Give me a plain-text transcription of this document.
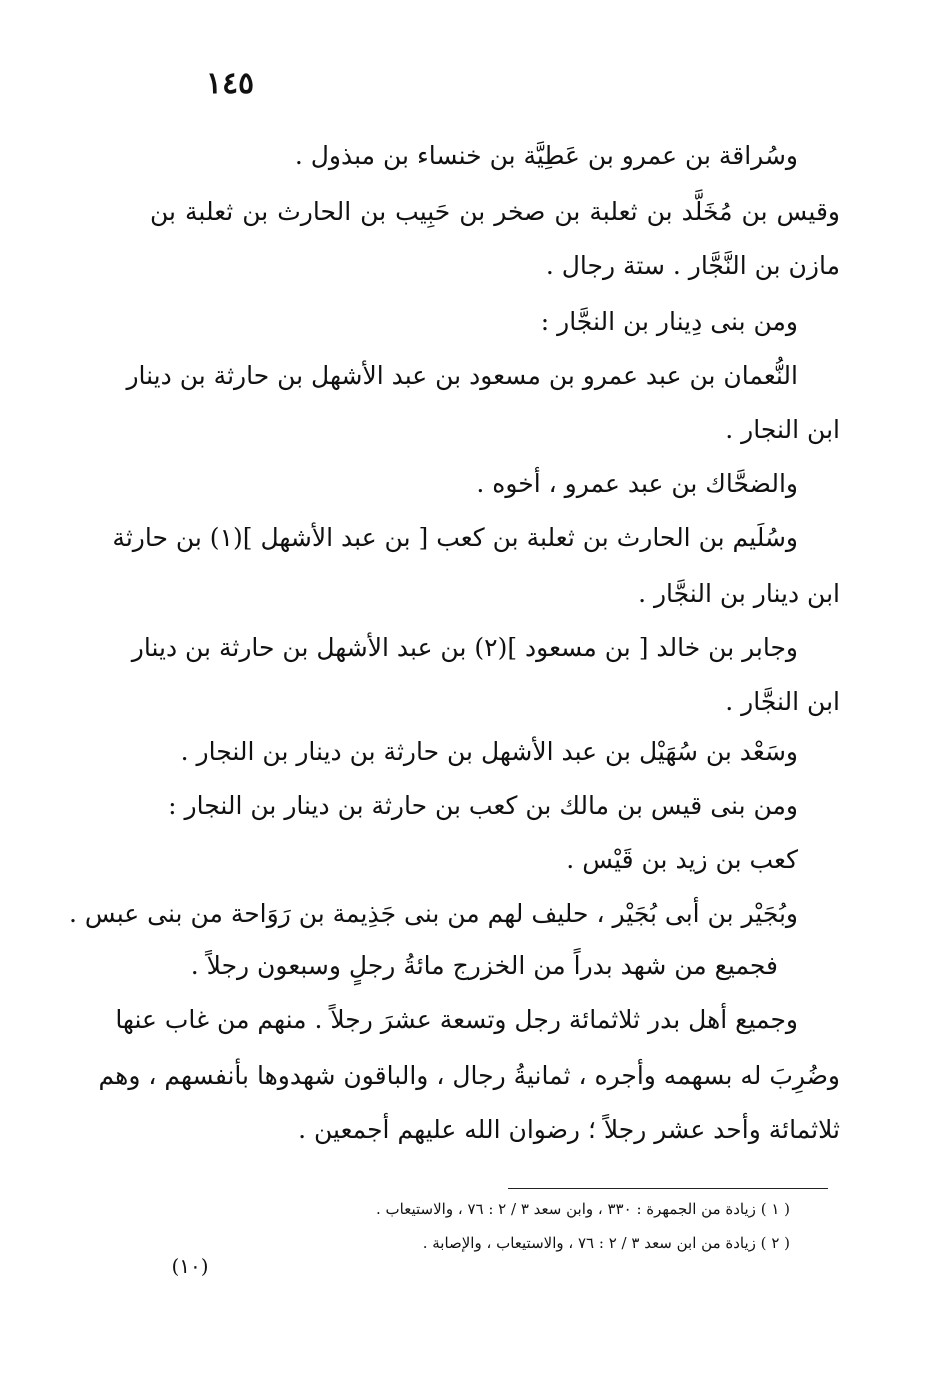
١٤٥
وسُراقة بن عمرو بن عَطِيَّة بن خنساء بن مبذول .
وقيس بن مُخَلَّد بن ثعلبة بن صخر بن حَبِيب بن الحارث بن ثعلبة بن
مازن بن النَّجَّار . ستة رجال .
ومن بنى دِينار بن النجَّار :
النُّعمان بن عبد عمرو بن مسعود بن عبد الأشهل بن حارثة بن دينار
ابن النجار .
والضحَّاك بن عبد عمرو ، أخوه .
وسُلَيم بن الحارث بن ثعلبة بن كعب [ بن عبد الأشهل ](١) بن حارثة
ابن دينار بن النجَّار .
وجابر بن خالد [ بن مسعود ](٢) بن عبد الأشهل بن حارثة بن دينار
ابن النجَّار .
وسَعْد بن سُهَيْل بن عبد الأشهل بن حارثة بن دينار بن النجار .
ومن بنى قيس بن مالك بن كعب بن حارثة بن دينار بن النجار :
كعب بن زيد بن قَيْس .
وبُجَيْر بن أبى بُجَيْر ، حليف لهم من بنى جَذِيمة بن رَوَاحة من بنى عبس .
فجميع من شهد بدراً من الخزرج مائةُ رجلٍ وسبعون رجلاً .
وجميع أهل بدر ثلاثمائة رجل وتسعة عشرَ رجلاً . منهم من غاب عنها
وضُرِبَ له بسهمه وأجره ، ثمانيةُ رجال ، والباقون شهدوها بأنفسهم ، وهم
ثلاثمائة وأحد عشر رجلاً ؛ رضوان الله عليهم أجمعين .
( ١ ) زيادة من الجمهرة : ٣٣٠ ، وابن سعد ٣ / ٢ : ٧٦ ، والاستيعاب .
( ٢ ) زيادة من ابن سعد ٣ / ٢ : ٧٦ ، والاستيعاب ، والإصابة .
(١٠)
